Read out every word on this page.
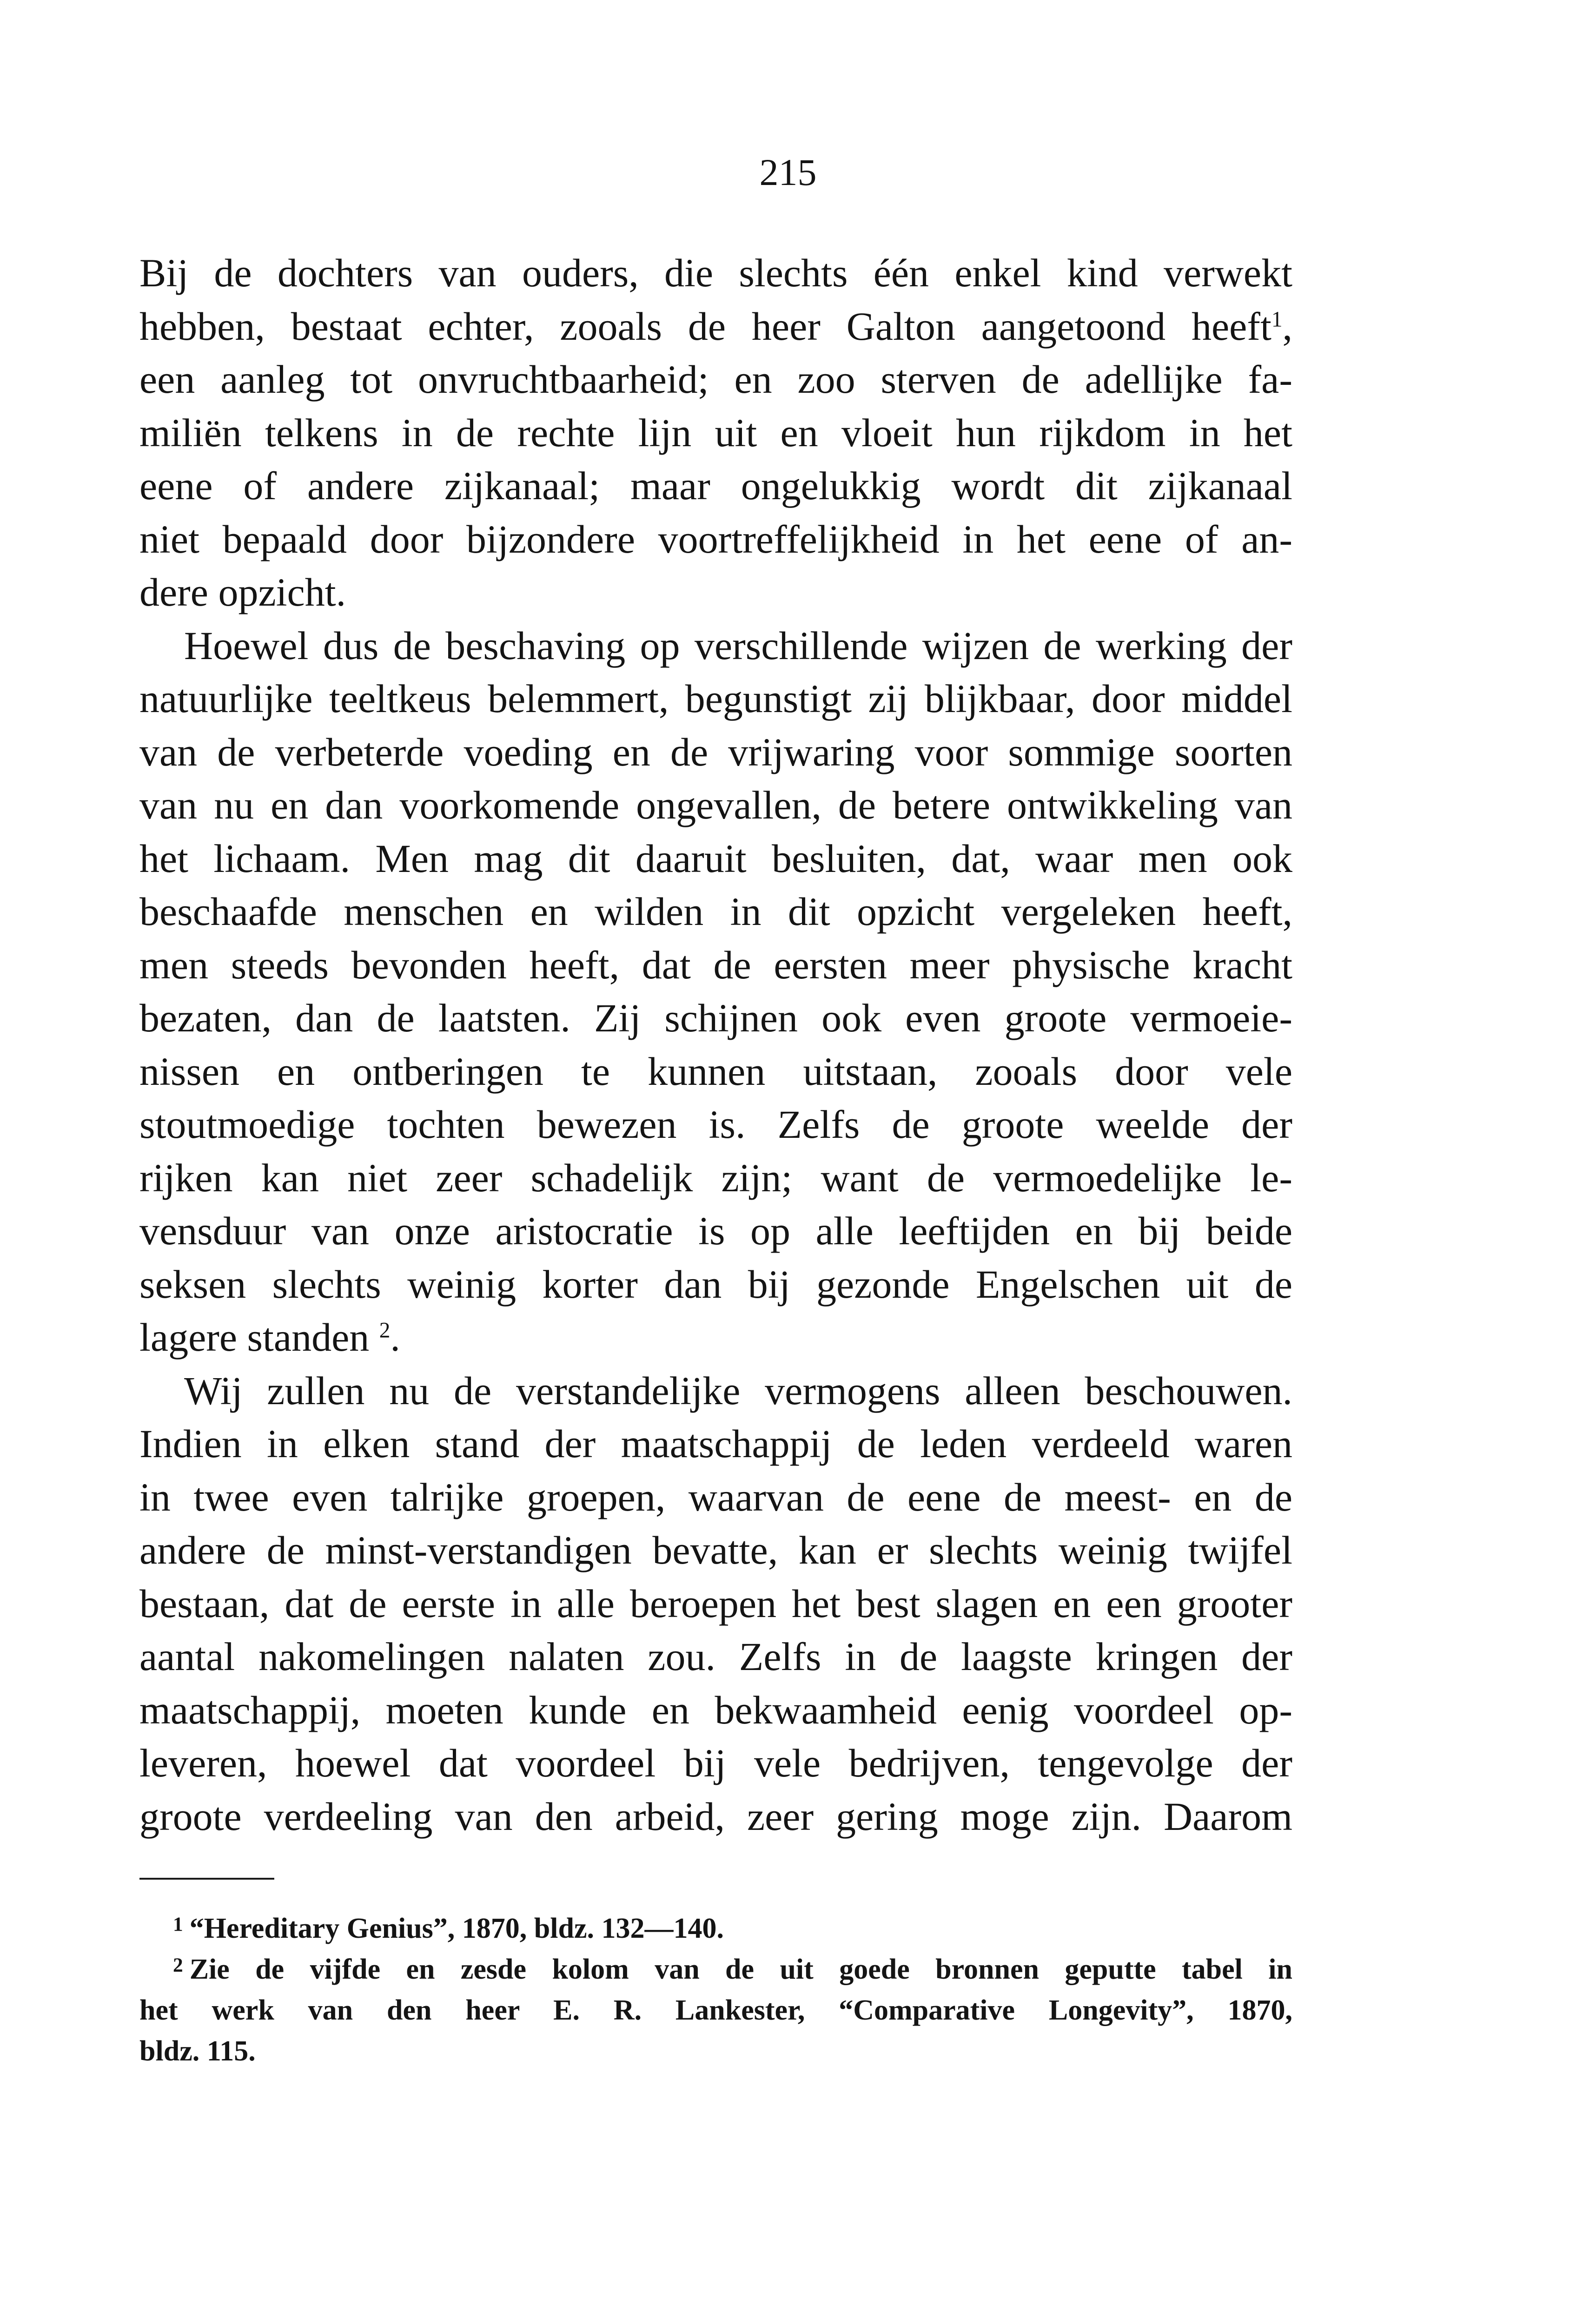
215
Bij de dochters van ouders, die slechts één enkel kind verwekt
hebben, bestaat echter, zooals de heer Galton aangetoond heeft$^1$,
een aanleg tot onvruchtbaarheid; en zoo sterven de adellijke fa-
miliën telkens in de rechte lijn uit en vloeit hun rijkdom in het
eene of andere zijkanaal; maar ongelukkig wordt dit zijkanaal
niet bepaald door bijzondere voortreffelijkheid in het eene of an-
dere opzicht.
Hoewel dus de beschaving op verschillende wijzen de werking der
natuurlijke teeltkeus belemmert, begunstigt zij blijkbaar, door middel
van de verbeterde voeding en de vrijwaring voor sommige soorten
van nu en dan voorkomende ongevallen, de betere ontwikkeling van
het lichaam. Men mag dit daaruit besluiten, dat, waar men ook
beschaafde menschen en wilden in dit opzicht vergeleken heeft,
men steeds bevonden heeft, dat de eersten meer physische kracht
bezaten, dan de laatsten. Zij schijnen ook even groote vermoeie-
nissen en ontberingen te kunnen uitstaan, zooals door vele
stoutmoedige tochten bewezen is. Zelfs de groote weelde der
rijken kan niet zeer schadelijk zijn; want de vermoedelijke le-
vensduur van onze aristocratie is op alle leeftijden en bij beide
seksen slechts weinig korter dan bij gezonde Engelschen uit de
lagere standen $^2$.
Wij zullen nu de verstandelijke vermogens alleen beschouwen.
Indien in elken stand der maatschappij de leden verdeeld waren
in twee even talrijke groepen, waarvan de eene de meest- en de
andere de minst-verstandigen bevatte, kan er slechts weinig twijfel
bestaan, dat de eerste in alle beroepen het best slagen en een grooter
aantal nakomelingen nalaten zou. Zelfs in de laagste kringen der
maatschappij, moeten kunde en bekwaamheid eenig voordeel op-
leveren, hoewel dat voordeel bij vele bedrijven, tengevolge der
groote verdeeling van den arbeid, zeer gering moge zijn. Daarom
$^1$ “Hereditary Genius”, 1870, bldz. 132—140.
$^2$ Zie de vijfde en zesde kolom van de uit goede bronnen geputte tabel in
het werk van den heer E. R. Lankester, “Comparative Longevity”, 1870,
bldz. 115.
